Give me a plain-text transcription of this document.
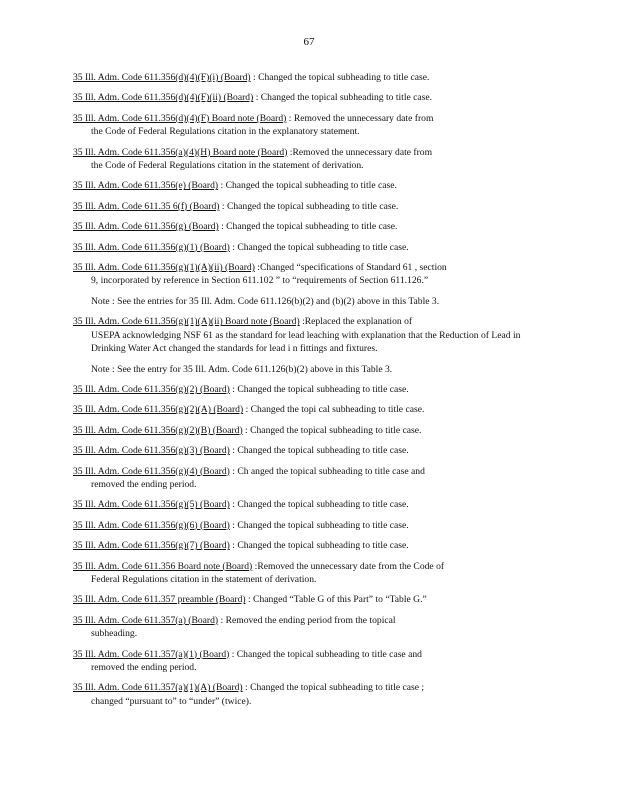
67
35 Ill. Adm. Code 611.356(d)(4)(F)(i) (Board) : Changed the topical subheading to title case.
35 Ill. Adm. Code 611.356(d)(4)(F)(ii) (Board) : Changed the topical subheading to title case.
35 Ill. Adm. Code 611.356(d)(4)(F) Board note (Board) : Removed the unnecessary date from
the Code of Federal Regulations citation in the explanatory statement.
35 Ill. Adm. Code 611.356(a)(4)(H) Board note (Board) :Removed the unnecessary date from
the Code of Federal Regulations citation in the statement of derivation.
35 Ill. Adm. Code 611.356(e) (Board) : Changed the topical subheading to title case.
35 Ill. Adm. Code 611.35 6(f) (Board) : Changed the topical subheading to title case.
35 Ill. Adm. Code 611.356(g) (Board) : Changed the topical subheading to title case.
35 Ill. Adm. Code 611.356(g)(1) (Board) : Changed the topical subheading to title case.
35 Ill. Adm. Code 611.356(g)(1)(A)(ii) (Board) :Changed “specifications of Standard 61 , section
9, incorporated by reference in Section 611.102 ” to “requirements of Section 611.126.”
Note : See the entries for 35 Ill. Adm. Code 611.126(b)(2) and (b)(2) above in this Table 3.
35 Ill. Adm. Code 611.356(g)(1)(A)(ii) Board note (Board) :Replaced the explanation of
USEPA acknowledging NSF 61 as the standard for lead leaching with explanation that the Reduction of Lead in Drinking Water Act changed the standards for lead i n fittings and fixtures.
Note : See the entry for 35 Ill. Adm. Code 611.126(b)(2) above in this Table 3.
35 Ill. Adm. Code 611.356(g)(2) (Board) : Changed the topical subheading to title case.
35 Ill. Adm. Code 611.356(g)(2)(A) (Board) : Changed the topi cal subheading to title case.
35 Ill. Adm. Code 611.356(g)(2)(B) (Board) : Changed the topical subheading to title case.
35 Ill. Adm. Code 611.356(g)(3) (Board) : Changed the topical subheading to title case.
35 Ill. Adm. Code 611.356(g)(4) (Board) : Ch anged the topical subheading to title case and
removed the ending period.
35 Ill. Adm. Code 611.356(g)(5) (Board) : Changed the topical subheading to title case.
35 Ill. Adm. Code 611.356(g)(6) (Board) : Changed the topical subheading to title case.
35 Ill. Adm. Code 611.356(g)(7) (Board) : Changed the topical subheading to title case.
35 Ill. Adm. Code 611.356 Board note (Board) :Removed the unnecessary date from the Code of
Federal Regulations citation in the statement of derivation.
35 Ill. Adm. Code 611.357 preamble (Board) : Changed “Table G of this Part” to “Table G.”
35 Ill. Adm. Code 611.357(a) (Board) : Removed the ending period from the topical
subheading.
35 Ill. Adm. Code 611.357(a)(1) (Board) : Changed the topical subheading to title case and
removed the ending period.
35 Ill. Adm. Code 611.357(a)(1)(A) (Board) : Changed the topical subheading to title case ;
changed “pursuant to” to “under” (twice).
